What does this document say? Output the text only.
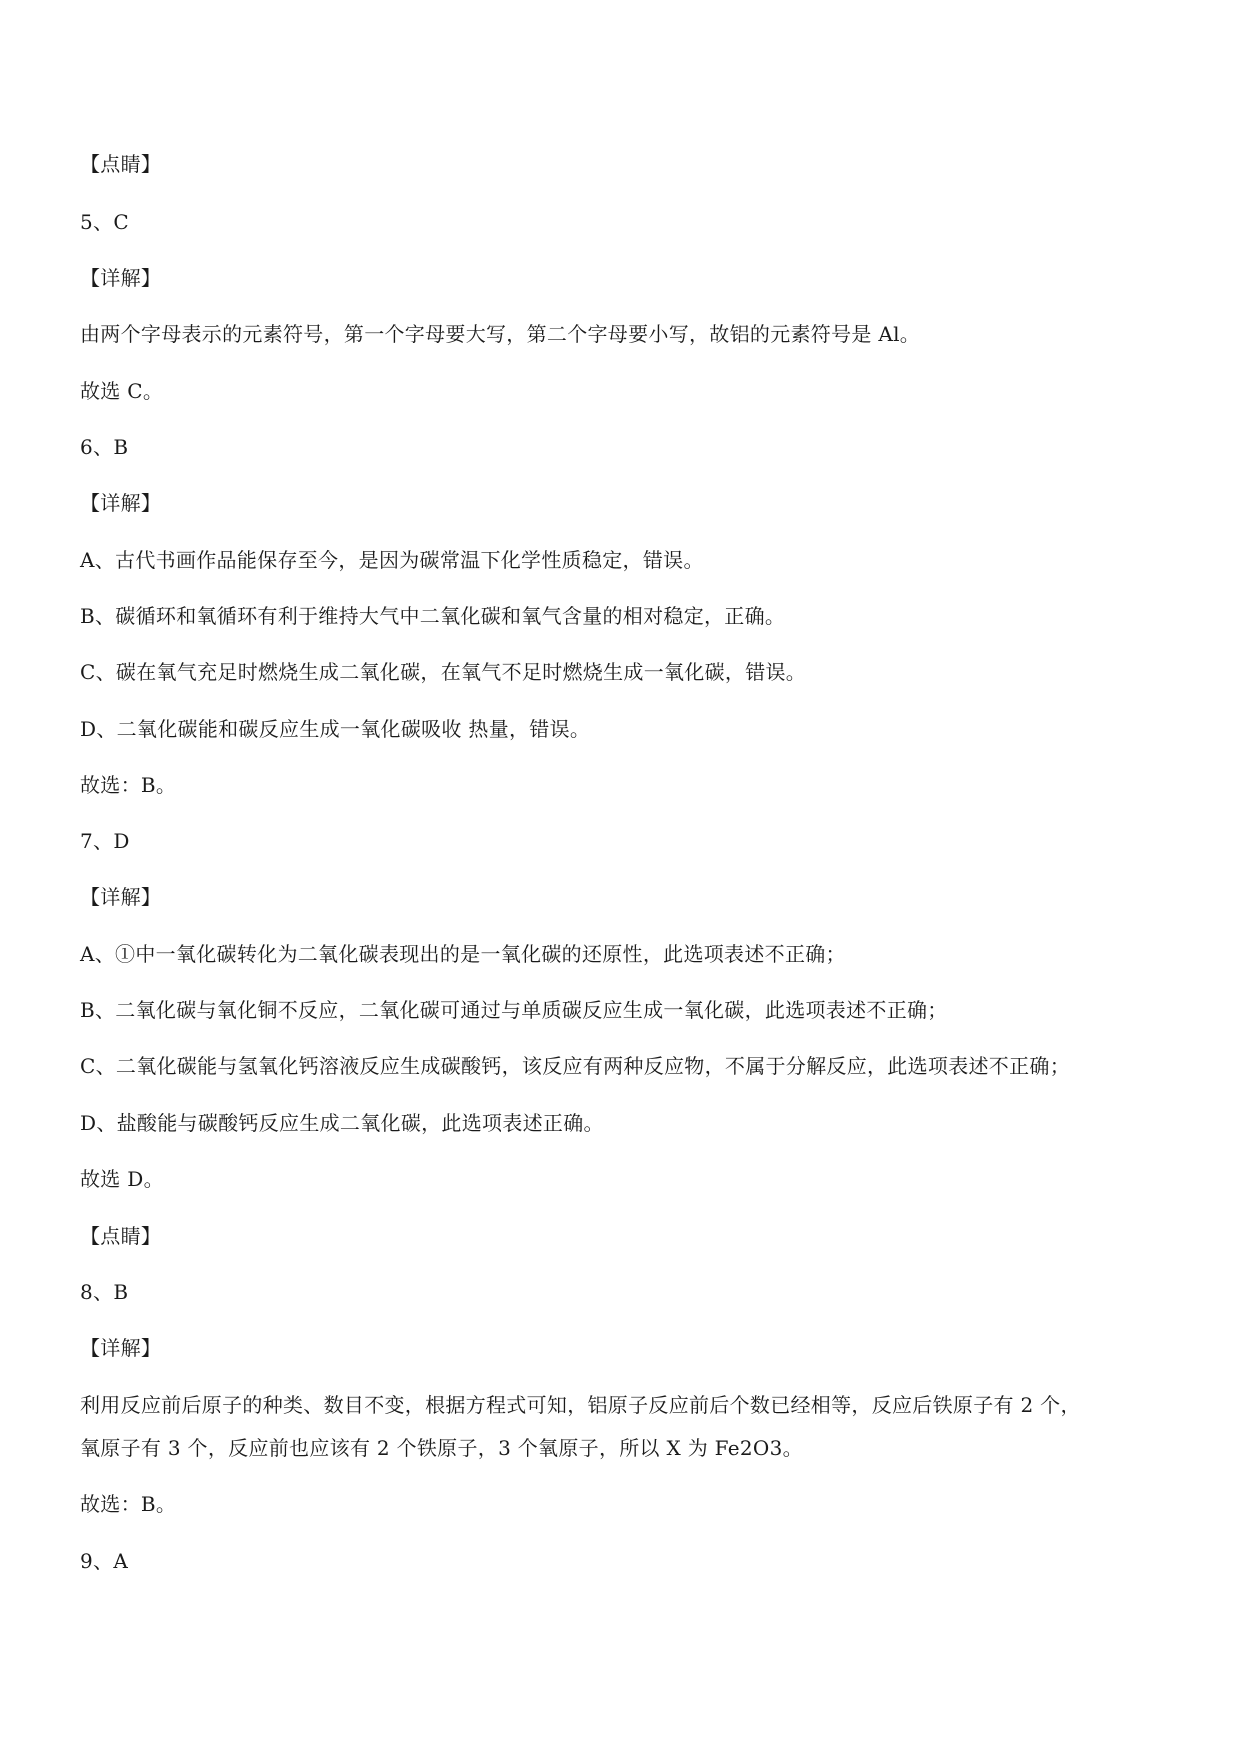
【点睛】
5、C
【详解】
由两个字母表示的元素符号，第一个字母要大写，第二个字母要小写，故铝的元素符号是 Al。
故选 C。
6、B
【详解】
A、古代书画作品能保存至今，是因为碳常温下化学性质稳定，错误。
B、碳循环和氧循环有利于维持大气中二氧化碳和氧气含量的相对稳定，正确。
C、碳在氧气充足时燃烧生成二氧化碳，在氧气不足时燃烧生成一氧化碳，错误。
D、二氧化碳能和碳反应生成一氧化碳吸收 热量，错误。
故选：B。
7、D
【详解】
A、①中一氧化碳转化为二氧化碳表现出的是一氧化碳的还原性，此选项表述不正确；
B、二氧化碳与氧化铜不反应，二氧化碳可通过与单质碳反应生成一氧化碳，此选项表述不正确；
C、二氧化碳能与氢氧化钙溶液反应生成碳酸钙，该反应有两种反应物，不属于分解反应，此选项表述不正确；
D、盐酸能与碳酸钙反应生成二氧化碳，此选项表述正确。
故选 D。
【点睛】
8、B
【详解】
利用反应前后原子的种类、数目不变，根据方程式可知，铝原子反应前后个数已经相等，反应后铁原子有 2 个，
氧原子有 3 个，反应前也应该有 2 个铁原子，3 个氧原子，所以 X 为 Fe2O3。
故选：B。
9、A
